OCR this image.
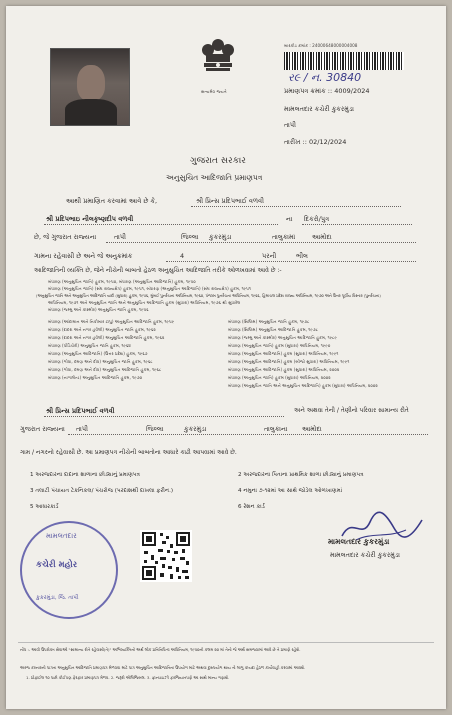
સત્યમેવ જયતે
બારકોડ ક્રમાંક : 24000648000004008
ર૯ / ન. 30840
પ્રમાણપત્ર ક્રમાંક :: 4009/2024
મામલતદાર કચેરી કુકરમુંડા
તાપી
તારીખ :: 02/12/2024
ગુજરાત સરકાર
અનુસુચિત આદિજાતિ પ્રમાણપત્ર
આથી પ્રમાણિત કરવામાં આવે છે કે,	શ્રી પ્રિન્સ પ્રદિપભાઈ વળવી
શ્રી પ્રદિપભાઇ નીલકૃષ્ણદીપ વળવી	ના દિકરો/પુત્ર
છે, જે ગુજરાત રાજ્યના	તાપી	જિલ્લા કુકરમુંડા	તાલુકામાં	આમોદા
ગામના રહેવાસી છે અને જે અનુક્રમાંક	4	પરની	ભીલ
આદિજાતિની વ્યક્તિ છે, જેને નીચેની બાબતો હેઠળ અનુસુચિત આદિજાતિ તરીકે ઓળખવામાં આવે છે :-
બંધારણ (અનુસુચિત જાતિ) હુકમ, ૧૯૫૦, બંધારણ (અનુસુચિત આદિજાતિ) હુકમ, ૧૯૫૦
બંધારણ (અનુસુચિત જાતિ) (સંઘ રાજ્યક્ષેત્ર) હુકમ, ૧૯૫૧, બંધારણ (અનુસુચિત આદિજાતિ) (સંઘ રાજ્યક્ષેત્ર) હુકમ, ૧૯૫૧
(અનુસુચિત જાતિ અને અનુસુચિત આદિજાતિ યાદી (સુધારા) હુકમ, ૧૯૫૬, મુંબઈ પુનર્રચના અધિનિયમ, ૧૯૬૦, પંજાબ પુનર્રચના અધિનિયમ, ૧૯૬૬, હિમાચલ પ્રદેશ રાજ્ય અધિનિયમ, ૧૯૭૦ અને ઉત્તર પૂર્વીય વિસ્તાર (પુનર્રચના)
અધિનિયમ, ૧૯૭૧ અને અનુસુચિત જાતિ અને અનુસુચિત આદિજાતિ હુકમ (સુધારા) અધિનિયમ, ૧૯૭૬ થી સુધારેલ
બંધારણ (જમ્મુ અને કાશ્મીર) અનુસુચિત જાતિ હુકમ, ૧૯૫૬
બંધારણ (આંદામાન અને નિકોબાર ટાપુ) અનુસુચિત આદિજાતિ હુકમ, ૧૯૫૯
બંધારણ (દાદરા અને નગર હવેલી) અનુસુચિત જાતિ હુકમ, ૧૯૬૨
બંધારણ (દાદરા અને નગર હવેલી) અનુસુચિત આદિજાતિ હુકમ, ૧૯૬૨
બંધારણ (પોંડિચેરી) અનુસુચિત જાતિ હુકમ, ૧૯૬૪
બંધારણ (અનુસુચિત આદિજાતિ) (ઉત્તર પ્રદેશ) હુકમ, ૧૯૬૭
બંધારણ (ગોવા, દમણ અને દીવ) અનુસુચિત જાતિ હુકમ, ૧૯૬૮
બંધારણ (ગોવા, દમણ અને દીવ) અનુસુચિત આદિજાતિ હુકમ, ૧૯૬૮
બંધારણ (નાગાલેન્ડ) અનુસુચિત આદિજાતિ હુકમ, ૧૯૭૦
બંધારણ (સિક્કિમ) અનુસુચિત જાતિ હુકમ, ૧૯૭૮
બંધારણ (સિક્કિમ) અનુસુચિત આદિજાતિ હુકમ, ૧૯૭૮
બંધારણ (જમ્મુ અને કાશ્મીર) અનુસુચિત આદિજાતિ હુકમ, ૧૯૮૯
બંધારણ (અનુસુચિત જાતિ) હુકમ (સુધારા) અધિનિયમ, ૧૯૯૦
બંધારણ (અનુસુચિત આદિજાતિ) હુકમ (સુધારા) અધિનિયમ, ૧૯૯૧
બંધારણ (અનુસુચિત આદિજાતિ) હુકમ (બીજો સુધારા) અધિનિયમ, ૧૯૯૧
બંધારણ (અનુસુચિત આદિજાતિ) હુકમ (સુધારા) અધિનિયમ, ૨૦૦૨
બંધારણ (અનુસુચિત જાતિ) હુકમ (સુધારા) અધિનિયમ, ૨૦૦૨
બંધારણ (અનુસુચિત જાતિ અને અનુસુચિત આદિજાતિ) હુકમ (સુધારા) અધિનિયમ, ૨૦૦૨
શ્રી પ્રિન્સ પ્રદિપભાઈ વળવી	અને અથવા તેની / તેણીનો પરિવાર સામાન્ય રીતે
ગુજરાત રાજ્યના તાપી	જિલ્લા	કુકરમુંડા	તાલુકાના આમોદા
ગામ / નગરનો રહેવાસી છે. આ પ્રમાણપત્ર નીચેની બાબતોના આધારે કાઢી આપવામાં આવે છે.
1 અરજદારના દાદાના શાળાના છોડ્યાનું પ્રમાણપત્ર	2 અરજદારના પિતાના પ્રાથમિક શાળા છોડ્યાનું પ્રમાણપત્ર
3 તલાટી પંચાયત ટેકનિકલ/ પંચરોજ (પરદાશથી દાખલા ફરીન.)	4 નમુના ૭-૧૨માં આ સાથે જોડેલ ઓળખાણમાં
5 આધારકાર્ડ	6 રેશન કાર્ડ
મામલતદાર
કચેરી મહોર
કુકરમુંડા, જિ. તાપી
મામલતદાર કુકરમુંડા
મામલતદાર કચેરી કુકરમુંડા
નોંધ :- આવી ઉપરોક્ત સેવાઓ "સામાન્ય રીતે રહેવાસી(તે)" અભિવ્યક્તિનો અર્થ લોક પ્રતિનિધિત્વ અધિનિયમ, ૧૯૫૦ની કલમ ૨૦ માં તેનો જે અર્થ સમજવામાં આવે છે તે પ્રમાણે રહેશે.
અરજ કરનારની પાત્રતા અનુસુચિત આદિજાતિ પ્રમાણપત્ર મેળવવા માટે પાત્ર અનુસુચિત આદિજાતિના ઉપયોગ માટે અથવા દુરુપયોગ થાય તો લાગુ કાયદા હેઠળ કાર્યવાહી કરવામાં આવશે.
1. પ્રોફાઈલ ૧૦ પછી કોઈપણ ફેરફાર પ્રમાણપત્ર મેળવ. 2. જરૂરી એલિજિબલ. 3. ફ્રાન્ચાઇઝી ફરજિયાતપણે આ સાથે માન્ય ગણાશે.
